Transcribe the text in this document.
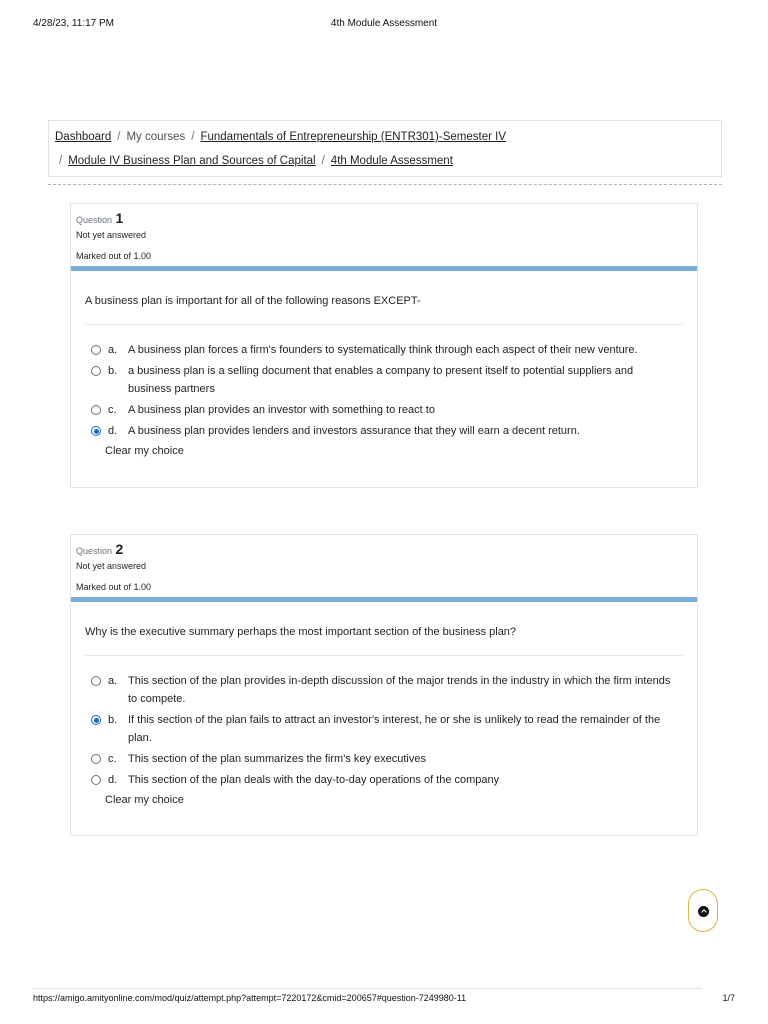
4/28/23, 11:17 PM	4th Module Assessment
Dashboard / My courses / Fundamentals of Entrepreneurship (ENTR301)-Semester IV
/ Module IV Business Plan and Sources of Capital / 4th Module Assessment
Question 1
Not yet answered
Marked out of 1.00
A business plan is important for all of the following reasons EXCEPT-
a. A business plan forces a firm's founders to systematically think through each aspect of their new venture.
b. a business plan is a selling document that enables a company to present itself to potential suppliers and business partners
c.	A business plan provides an investor with something to react to
d. A business plan provides lenders and investors assurance that they will earn a decent return.
Clear my choice
Question 2
Not yet answered
Marked out of 1.00
Why is the executive summary perhaps the most important section of the business plan?
a. This section of the plan provides in-depth discussion of the major trends in the industry in which the firm intends to compete.
b. If this section of the plan fails to attract an investor's interest, he or she is unlikely to read the remainder of the plan.
c.	This section of the plan summarizes the firm's key executives
d. This section of the plan deals with the day-to-day operations of the company
Clear my choice
https://amigo.amityonline.com/mod/quiz/attempt.php?attempt=7220172&cmid=200657#question-7249980-11	1/7
